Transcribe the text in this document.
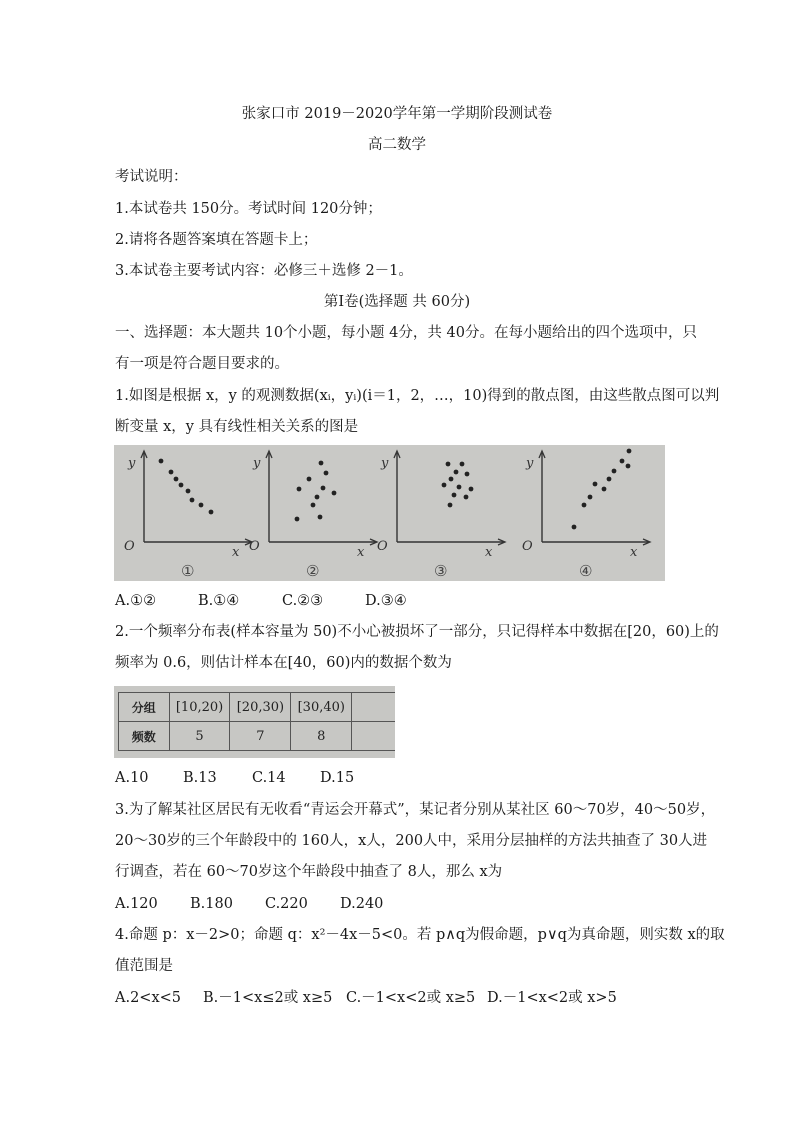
张家口市 2019－2020学年第一学期阶段测试卷
高二数学
考试说明：
1.本试卷共 150分。考试时间 120分钟；
2.请将各题答案填在答题卡上；
3.本试卷主要考试内容：必修三＋选修 2－1。
第Ⅰ卷(选择题 共 60分)
一、选择题：本大题共 10个小题，每小题 4分，共 40分。在每小题给出的四个选项中，只
有一项是符合题目要求的。
1.如图是根据 x，y 的观测数据(xᵢ，yᵢ)(i＝1，2，…，10)得到的散点图，由这些散点图可以判
断变量 x，y 具有线性相关关系的图是
y
x
O
①
y
x
O
②
y
x
O
③
y
x
O
④
A.①②	B.①④	C.②③	D.③④
2.一个频率分布表(样本容量为 50)不小心被损坏了一部分，只记得样本中数据在[20，60)上的
频率为 0.6，则估计样本在[40，60)内的数据个数为
分组	[10,20)	[20,30)	[30,40)	
频数	5	7	8	
A.10 B.13 C.14 D.15
3.为了解某社区居民有无收看“青运会开幕式”，某记者分别从某社区 60～70岁，40～50岁，
20～30岁的三个年龄段中的 160人，x人，200人中，采用分层抽样的方法共抽查了 30人进
行调查，若在 60～70岁这个年龄段中抽查了 8人，那么 x为
A.120 B.180 C.220 D.240
4.命题 p：x－2>0；命题 q：x²－4x－5<0。若 p∧q为假命题，p∨q为真命题，则实数 x的取
值范围是
A.2<x<5 B.－1<x≤2或 x≥5 C.－1<x<2或 x≥5 D.－1<x<2或 x>5
